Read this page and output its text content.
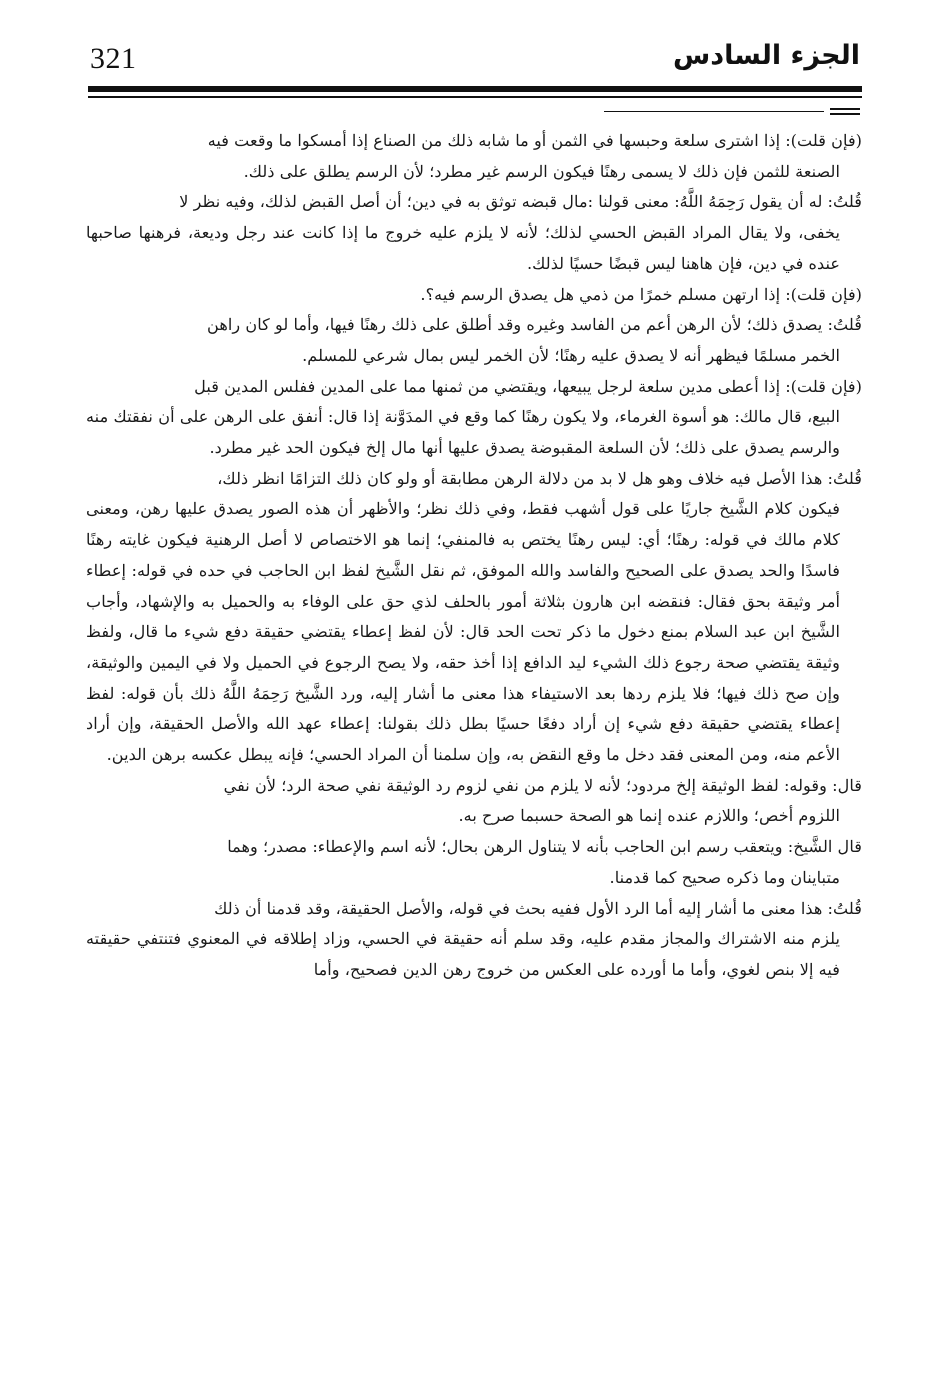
321	الجزء السادس

(فإن قلت): إذا اشترى سلعة وحبسها في الثمن أو ما شابه ذلك من الصناع إذا أمسكوا ما وقعت فيه
الصنعة للثمن فإن ذلك لا يسمى رهنًا فيكون الرسم غير مطرد؛ لأن الرسم يطلق على ذلك.

قُلتُ: له أن يقول رَحِمَهُ اللَّهُ: معنى قولنا :مال قبضه توثق به في دين؛ أن أصل القبض لذلك، وفيه نظر لا
يخفى، ولا يقال المراد القبض الحسي لذلك؛ لأنه لا يلزم عليه خروج ما إذا كانت عند رجل وديعة، فرهنها صاحبها عنده في دين، فإن هاهنا ليس قبضًا حسيًا لذلك.

(فإن قلت): إذا ارتهن مسلم خمرًا من ذمي هل يصدق الرسم فيه؟.

قُلتُ: يصدق ذلك؛ لأن الرهن أعم من الفاسد وغيره وقد أطلق على ذلك رهنًا فيها، وأما لو كان راهن
الخمر مسلمًا فيظهر أنه لا يصدق عليه رهنًا؛ لأن الخمر ليس بمال شرعي للمسلم.

(فإن قلت): إذا أعطى مدين سلعة لرجل يبيعها، ويقتضي من ثمنها مما على المدين ففلس المدين قبل
البيع، قال مالك: هو أسوة الغرماء، ولا يكون رهنًا كما وقع في المدَوَّنة إذا قال: أنفق على الرهن على أن نفقتك منه والرسم يصدق على ذلك؛ لأن السلعة المقبوضة يصدق عليها أنها مال إلخ فيكون الحد غير مطرد.

قُلتُ: هذا الأصل فيه خلاف وهو هل لا بد من دلالة الرهن مطابقة أو ولو كان ذلك التزامًا انظر ذلك،
فيكون كلام الشَّيخ جاريًا على قول أشهب فقط، وفي ذلك نظر؛ والأظهر أن هذه الصور يصدق عليها رهن، ومعنى كلام مالك في قوله: رهنًا؛ أي: ليس رهنًا يختص به فالمنفي؛ إنما هو الاختصاص لا أصل الرهنية فيكون غايته رهنًا فاسدًا والحد يصدق على الصحيح والفاسد والله الموفق، ثم نقل الشَّيخ لفظ ابن الحاجب في حده في قوله: إعطاء أمر وثيقة بحق فقال: فنقضه ابن هارون بثلاثة أمور بالحلف لذي حق على الوفاء به والحميل به والإشهاد، وأجاب الشَّيخ ابن عبد السلام بمنع دخول ما ذكر تحت الحد قال: لأن لفظ إعطاء يقتضي حقيقة دفع شيء ما قال، ولفظ وثيقة يقتضي صحة رجوع ذلك الشيء ليد الدافع إذا أخذ حقه، ولا يصح الرجوع في الحميل ولا في اليمين والوثيقة، وإن صح ذلك فيها؛ فلا يلزم ردها بعد الاستيفاء هذا معنى ما أشار إليه، ورد الشَّيخ رَحِمَهُ اللَّهُ ذلك بأن قوله: لفظ إعطاء يقتضي حقيقة دفع شيء إن أراد دفعًا حسيًا بطل ذلك بقولنا: إعطاء عهد الله والأصل الحقيقة، وإن أراد الأعم منه، ومن المعنى فقد دخل ما وقع النقض به، وإن سلمنا أن المراد الحسي؛ فإنه يبطل عكسه برهن الدين.

قال: وقوله: لفظ الوثيقة إلخ مردود؛ لأنه لا يلزم من نفي لزوم رد الوثيقة نفي صحة الرد؛ لأن نفي
اللزوم أخص؛ واللازم عنده إنما هو الصحة حسبما صرح به.

قال الشَّيخ: ويتعقب رسم ابن الحاجب بأنه لا يتناول الرهن بحال؛ لأنه اسم والإعطاء: مصدر؛ وهما
متباينان وما ذكره صحيح كما قدمنا.

قُلتُ: هذا معنى ما أشار إليه أما الرد الأول ففيه بحث في قوله، والأصل الحقيقة، وقد قدمنا أن ذلك
يلزم منه الاشتراك والمجاز مقدم عليه، وقد سلم أنه حقيقة في الحسي، وزاد إطلاقه في المعنوي فتنتفي حقيقته فيه إلا بنص لغوي، وأما ما أورده على العكس من خروج رهن الدين فصحيح، وأما
